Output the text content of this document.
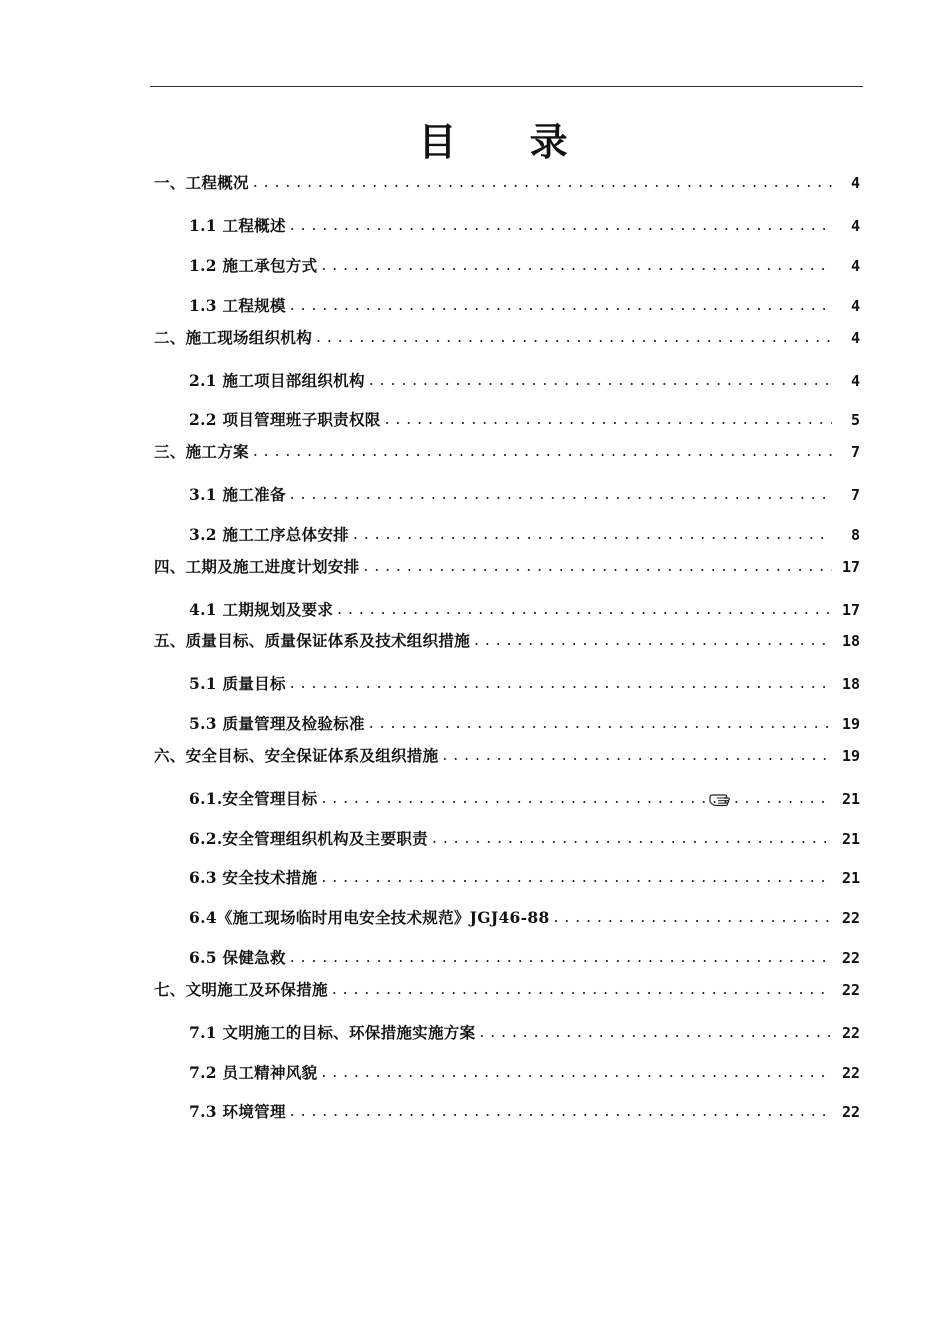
目 录
一、工程概况 . . .	4
1.1 工程概述 . . .	4
1.2 施工承包方式 . . .	4
1.3 工程规模 . . .	4
二、施工现场组织机构 . . .	4
2.1 施工项目部组织机构 . . .	4
2.2 项目管理班子职责权限 . . .	5
三、施工方案 . . .	7
3.1 施工准备 . . .	7
3.2 施工工序总体安排 . . .	8
四、工期及施工进度计划安排 . . .	17
4.1 工期规划及要求 . . .	17
五、质量目标、质量保证体系及技术组织措施 . . .	18
5.1 质量目标 . . .	18
5.3 质量管理及检验标准 . . .	19
六、安全目标、安全保证体系及组织措施 . . .	19
6.1.安全管理目标 . . .	21
6.2.安全管理组织机构及主要职责 . . .	21
6.3 安全技术措施 . . .	21
6.4《施工现场临时用电安全技术规范》JGJ46-88 . . .	22
6.5 保健急救 . . .	22
七、文明施工及环保措施 . . .	22
7.1 文明施工的目标、环保措施实施方案 . . .	22
7.2 员工精神风貌 . . .	22
7.3 环境管理 . . .	22
